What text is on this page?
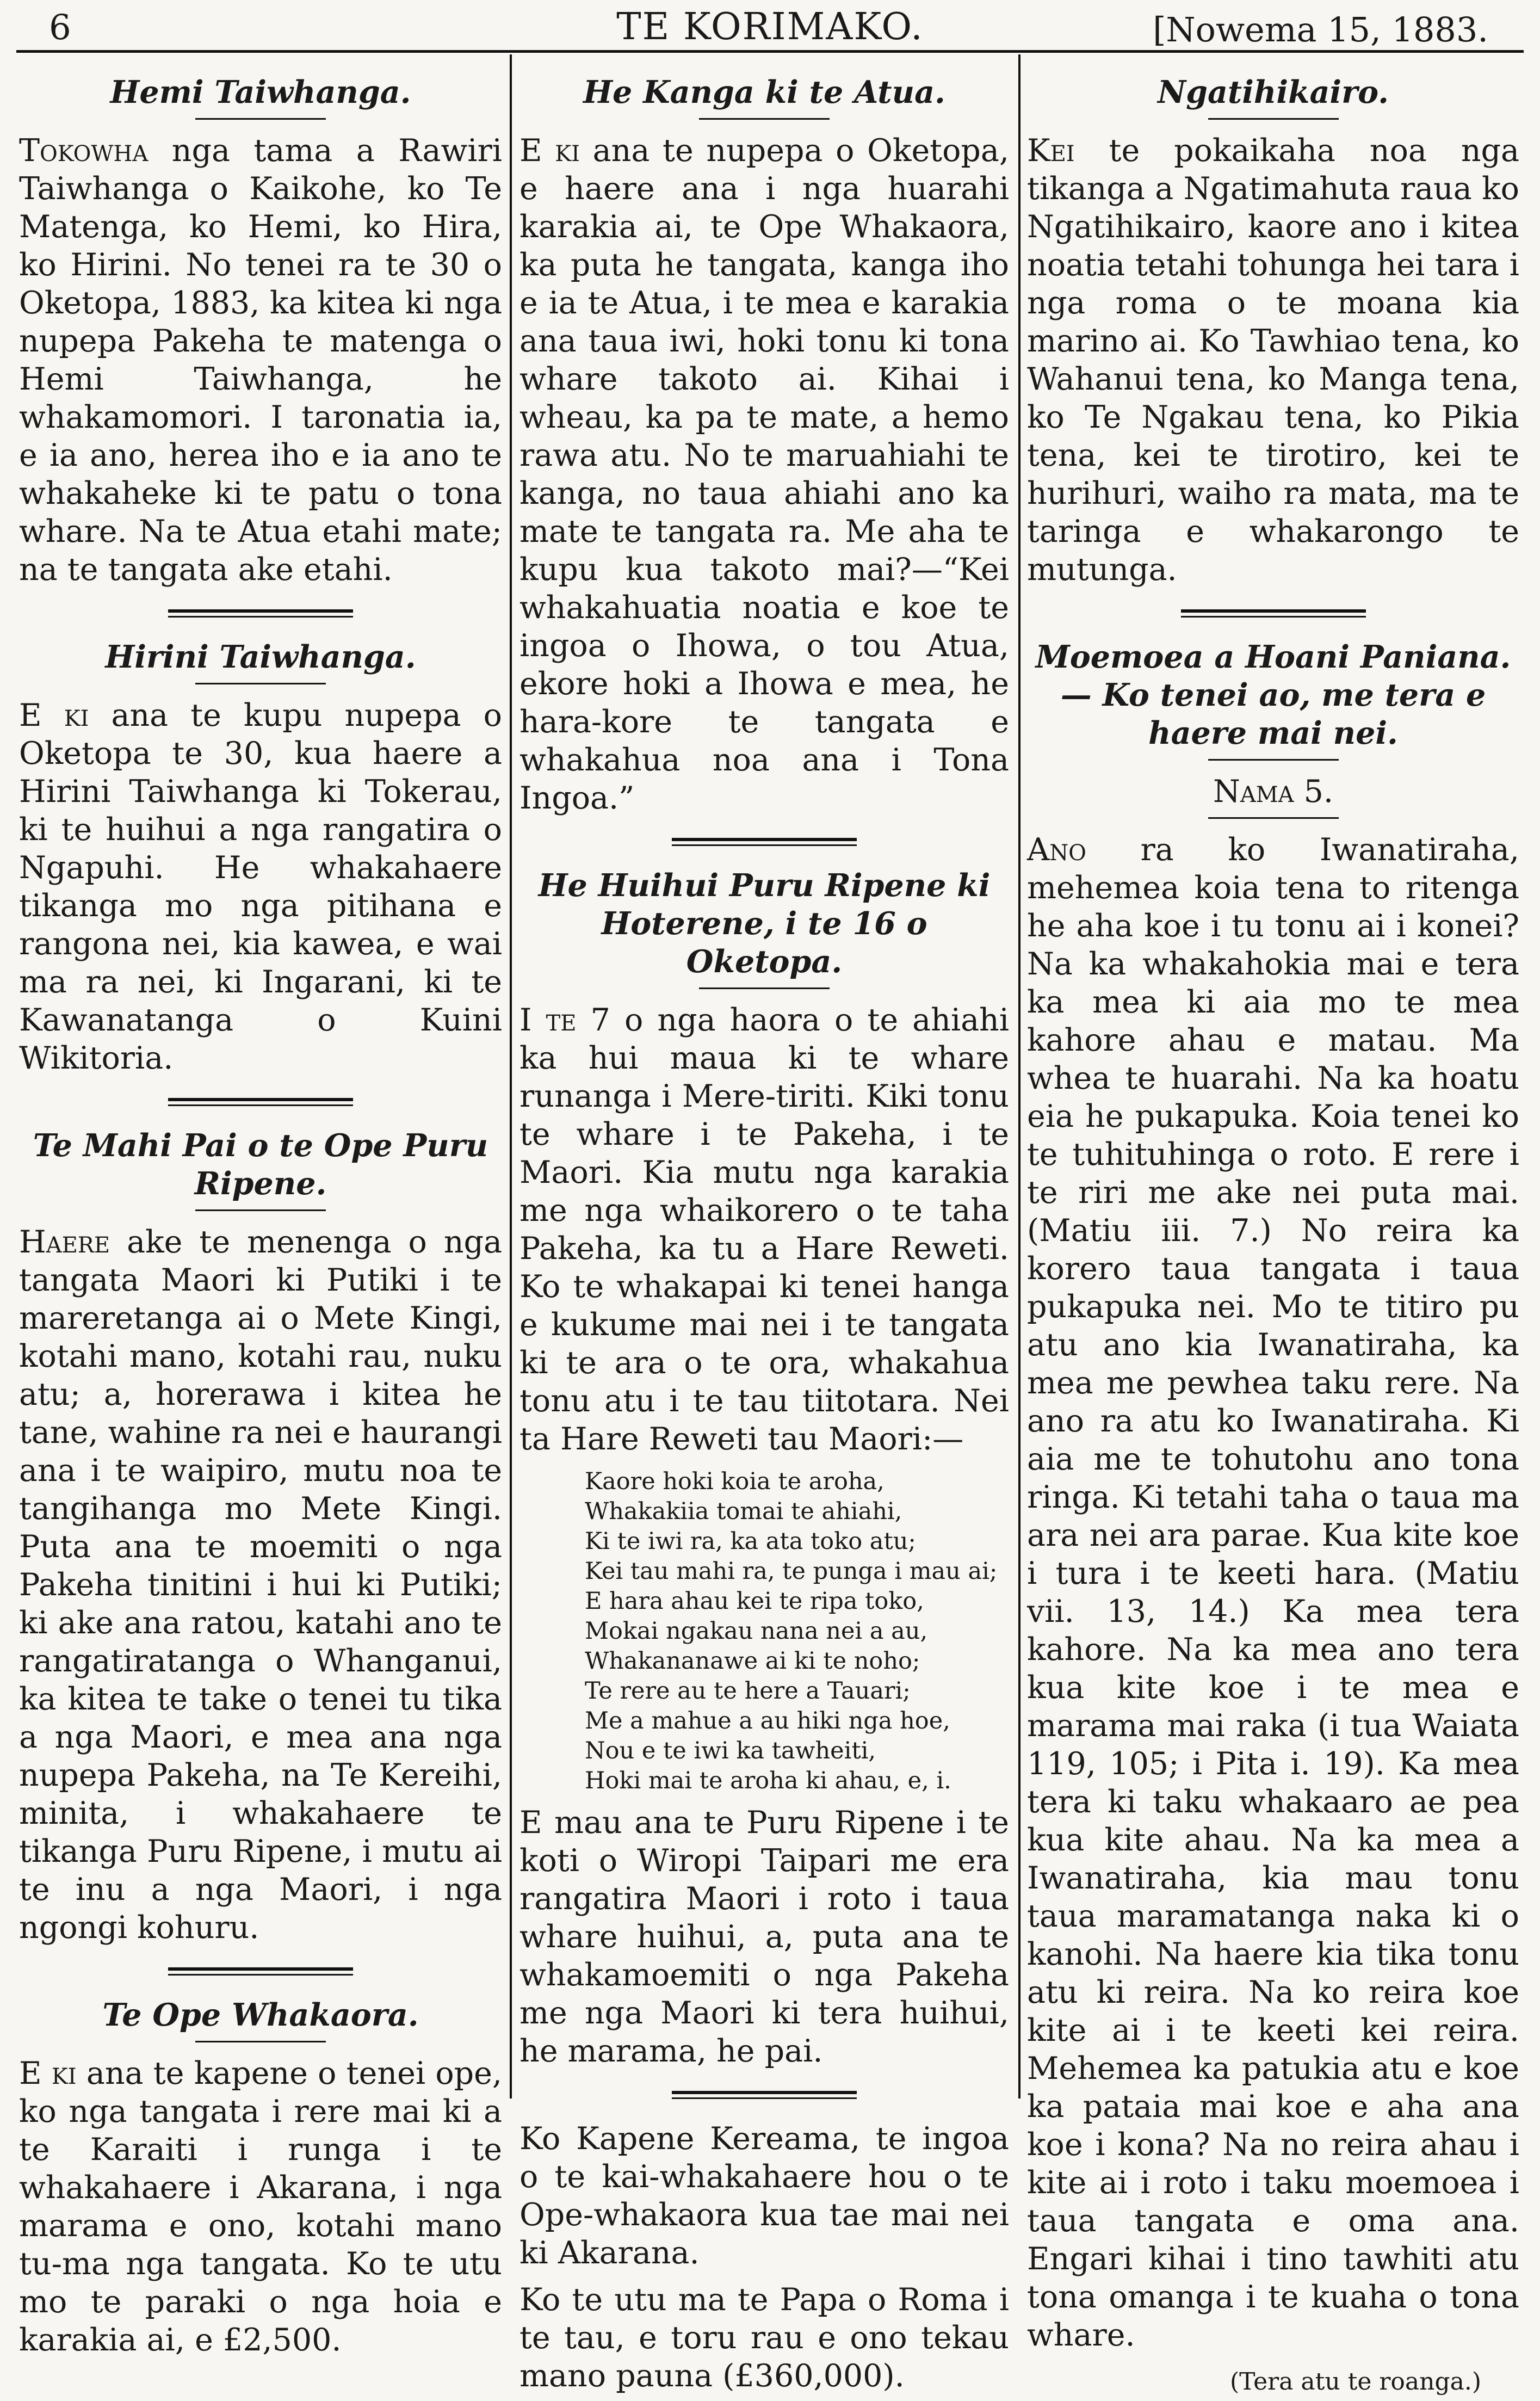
6	TE KORIMAKO.	[Nowema 15, 1883.
Hemi Taiwhanga.

Tokowha nga tama a Rawiri Taiwhanga o Kaikohe, ko Te Matenga, ko Hemi, ko Hira, ko Hirini. No tenei ra te 30 o Oketopa, 1883, ka kitea ki nga nupepa Pakeha te matenga o Hemi Taiwhanga, he whakamomori. I taronatia ia, e ia ano, herea iho e ia ano te whakaheke ki te patu o tona whare. Na te Atua etahi mate; na te tangata ake etahi.

Hirini Taiwhanga.

E ki ana te kupu nupepa o Oketopa te 30, kua haere a Hirini Taiwhanga ki Tokerau, ki te huihui a nga rangatira o Ngapuhi. He whakahaere tikanga mo nga pitihana e rangona nei, kia kawea, e wai ma ra nei, ki Ingarani, ki te Kawanatanga o Kuini Wikitoria.

Te Mahi Pai o te Ope Puru Ripene.

Haere ake te menenga o nga tangata Maori ki Putiki i te mareretanga ai o Mete Kingi, kotahi mano, kotahi rau, nuku atu; a, horerawa i kitea he tane, wahine ra nei e haurangi ana i te waipiro, mutu noa te tangihanga mo Mete Kingi. Puta ana te moemiti o nga Pakeha tinitini i hui ki Putiki; ki ake ana ratou, katahi ano te rangatiratanga o Whanganui, ka kitea te take o tenei tu tika a nga Maori, e mea ana nga nupepa Pakeha, na Te Kereihi, minita, i whakahaere te tikanga Puru Ripene, i mutu ai te inu a nga Maori, i nga ngongi kohuru.

Te Ope Whakaora.

E ki ana te kapene o tenei ope, ko nga tangata i rere mai ki a te Karaiti i runga i te whakahaere i Akarana, i nga marama e ono, kotahi mano tu-ma nga tangata. Ko te utu mo te paraki o nga hoia e karakia ai, e £2,500.

He Kanga ki te Atua.

E ki ana te nupepa o Oketopa, e haere ana i nga huarahi karakia ai, te Ope Whakaora, ka puta he tangata, kanga iho e ia te Atua, i te mea e karakia ana taua iwi, hoki tonu ki tona whare takoto ai. Kihai i wheau, ka pa te mate, a hemo rawa atu. No te maruahiahi te kanga, no taua ahiahi ano ka mate te tangata ra. Me aha te kupu kua takoto mai?—“Kei whakahuatia noatia e koe te ingoa o Ihowa, o tou Atua, ekore hoki a Ihowa e mea, he hara-kore te tangata e whakahua noa ana i Tona Ingoa.”

He Huihui Puru Ripene ki Hoterene, i te 16 o Oketopa.

I te 7 o nga haora o te ahiahi ka hui maua ki te whare runanga i Mere-tiriti. Kiki tonu te whare i te Pakeha, i te Maori. Kia mutu nga karakia me nga whaikorero o te taha Pakeha, ka tu a Hare Reweti. Ko te whakapai ki tenei hanga e kukume mai nei i te tangata ki te ara o te ora, whakahua tonu atu i te tau tiitotara. Nei ta Hare Reweti tau Maori:—

Kaore hoki koia te aroha,
Whakakiia tomai te ahiahi,
Ki te iwi ra, ka ata toko atu;
Kei tau mahi ra, te punga i mau ai;
E hara ahau kei te ripa toko,
Mokai ngakau nana nei a au,
Whakananawe ai ki te noho;
Te rere au te here a Tauari;
Me a mahue a au hiki nga hoe,
Nou e te iwi ka tawheiti,
Hoki mai te aroha ki ahau, e, i.

E mau ana te Puru Ripene i te koti o Wiropi Taipari me era rangatira Maori i roto i taua whare huihui, a, puta ana te whakamoemiti o nga Pakeha me nga Maori ki tera huihui, he marama, he pai.

Ko Kapene Kereama, te ingoa o te kai-whakahaere hou o te Ope-whakaora kua tae mai nei ki Akarana.

Ko te utu ma te Papa o Roma i te tau, e toru rau e ono tekau mano pauna (£360,000).

Ngatihikairo.

Kei te pokaikaha noa nga tikanga a Ngatimahuta raua ko Ngatihikairo, kaore ano i kitea noatia tetahi tohunga hei tara i nga roma o te moana kia marino ai. Ko Tawhiao tena, ko Wahanui tena, ko Manga tena, ko Te Ngakau tena, ko Pikia tena, kei te tirotiro, kei te hurihuri, waiho ra mata, ma te taringa e whakarongo te mutunga.

Moemoea a Hoani Paniana.— Ko tenei ao, me tera e haere mai nei.
Nama 5.

Ano ra ko Iwanatiraha, mehemea koia tena to ritenga he aha koe i tu tonu ai i konei? Na ka whakahokia mai e tera ka mea ki aia mo te mea kahore ahau e matau. Ma whea te huarahi. Na ka hoatu eia he pukapuka. Koia tenei ko te tuhituhinga o roto. E rere i te riri me ake nei puta mai. (Matiu iii. 7.) No reira ka korero taua tangata i taua pukapuka nei. Mo te titiro pu atu ano kia Iwanatiraha, ka mea me pewhea taku rere. Na ano ra atu ko Iwanatiraha. Ki aia me te tohutohu ano tona ringa. Ki tetahi taha o taua ma ara nei ara parae. Kua kite koe i tura i te keeti hara. (Matiu vii. 13, 14.) Ka mea tera kahore. Na ka mea ano tera kua kite koe i te mea e marama mai raka (i tua Waiata 119, 105; i Pita i. 19). Ka mea tera ki taku whakaaro ae pea kua kite ahau. Na ka mea a Iwanatiraha, kia mau tonu taua maramatanga naka ki o kanohi. Na haere kia tika tonu atu ki reira. Na ko reira koe kite ai i te keeti kei reira. Mehemea ka patukia atu e koe ka pataia mai koe e aha ana koe i kona? Na no reira ahau i kite ai i roto i taku moemoea i taua tangata e oma ana. Engari kihai i tino tawhiti atu tona omanga i te kuaha o tona whare.

(Tera atu te roanga.)
